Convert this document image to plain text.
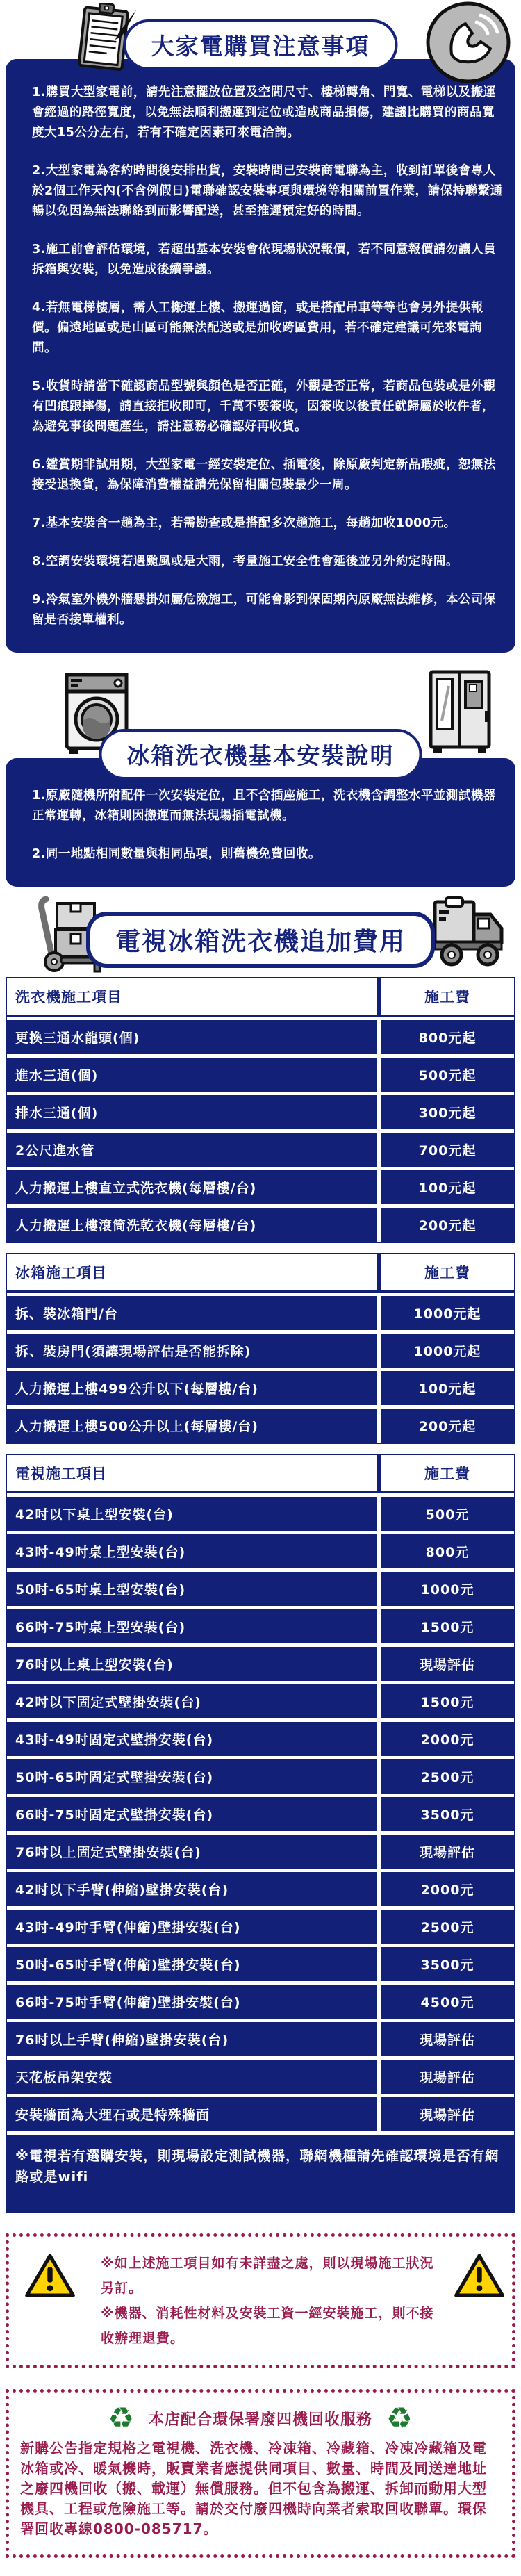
大家電購買注意事項
1.購買大型家電前，請先注意擺放位置及空間尺寸、樓梯轉角、門寬、電梯以及搬運會經過的路徑寬度，以免無法順利搬運到定位或造成商品損傷，建議比購買的商品寬度大15公分左右，若有不確定因素可來電洽詢。
2.大型家電為客約時間後安排出貨，安裝時間已安裝商電聯為主，收到訂單後會專人於2個工作天內(不含例假日)電聯確認安裝事項與環境等相關前置作業，請保持聯繫通暢以免因為無法聯絡到而影響配送，甚至推遲預定好的時間。
3.施工前會評估環境，若超出基本安裝會依現場狀況報價，若不同意報價請勿讓人員拆箱與安裝，以免造成後續爭議。
4.若無電梯樓層，需人工搬運上樓、搬運過窗，或是搭配吊車等等也會另外提供報價。偏遠地區或是山區可能無法配送或是加收跨區費用，若不確定建議可先來電詢問。
5.收貨時請當下確認商品型號與顏色是否正確，外觀是否正常，若商品包裝或是外觀有凹痕跟摔傷，請直接拒收即可，千萬不要簽收，因簽收以後責任就歸屬於收件者，為避免事後問題產生，請注意務必確認好再收貨。
6.鑑賞期非試用期，大型家電一經安裝定位、插電後，除原廠判定新品瑕疵，恕無法接受退換貨，為保障消費權益請先保留相關包裝最少一周。
7.基本安裝含一趟為主，若需勘查或是搭配多次趟施工，每趟加收1000元。
8.空調安裝環境若遇颱風或是大雨，考量施工安全性會延後並另外約定時間。
9.冷氣室外機外牆懸掛如屬危險施工，可能會影到保固期內原廠無法維修，本公司保留是否接單權利。
冰箱洗衣機基本安裝說明
1.原廠隨機所附配件一次安裝定位，且不含插座施工，洗衣機含調整水平並測試機器正常運轉，冰箱則因搬運而無法現場插電試機。
2.同一地點相同數量與相同品項，則舊機免費回收。
電視冰箱洗衣機追加費用
洗衣機施工項目	施工費
更換三通水龍頭(個)	800元起
進水三通(個)	500元起
排水三通(個)	300元起
2公尺進水管	700元起
人力搬運上樓直立式洗衣機(每層樓/台)	100元起
人力搬運上樓滾筒洗乾衣機(每層樓/台)	200元起
冰箱施工項目	施工費
拆、裝冰箱門/台	1000元起
拆、裝房門(須讓現場評估是否能拆除)	1000元起
人力搬運上樓499公升以下(每層樓/台)	100元起
人力搬運上樓500公升以上(每層樓/台)	200元起
電視施工項目	施工費
42吋以下桌上型安裝(台)	500元
43吋-49吋桌上型安裝(台)	800元
50吋-65吋桌上型安裝(台)	1000元
66吋-75吋桌上型安裝(台)	1500元
76吋以上桌上型安裝(台)	現場評估
42吋以下固定式壁掛安裝(台)	1500元
43吋-49吋固定式壁掛安裝(台)	2000元
50吋-65吋固定式壁掛安裝(台)	2500元
66吋-75吋固定式壁掛安裝(台)	3500元
76吋以上固定式壁掛安裝(台)	現場評估
42吋以下手臂(伸縮)壁掛安裝(台)	2000元
43吋-49吋手臂(伸縮)壁掛安裝(台)	2500元
50吋-65吋手臂(伸縮)壁掛安裝(台)	3500元
66吋-75吋手臂(伸縮)壁掛安裝(台)	4500元
76吋以上手臂(伸縮)壁掛安裝(台)	現場評估
天花板吊架安裝	現場評估
安裝牆面為大理石或是特殊牆面	現場評估
※電視若有選購安裝，則現場設定測試機器，聯網機種請先確認環境是否有網路或是wifi
※如上述施工項目如有未詳盡之處，則以現場施工狀況另訂。
※機器、消耗性材料及安裝工資一經安裝施工，則不接收辦理退費。
♻ 本店配合環保署廢四機回收服務 ♻
新購公告指定規格之電視機、洗衣機、冷凍箱、冷藏箱、冷凍冷藏箱及電冰箱或冷、暖氣機時，販賣業者應提供同項目、數量、時間及同送達地址之廢四機回收（搬、載運）無償服務。但不包含為搬運、拆卸而動用大型機具、工程或危險施工等。請於交付廢四機時向業者索取回收聯單。環保署回收專線0800-085717。
